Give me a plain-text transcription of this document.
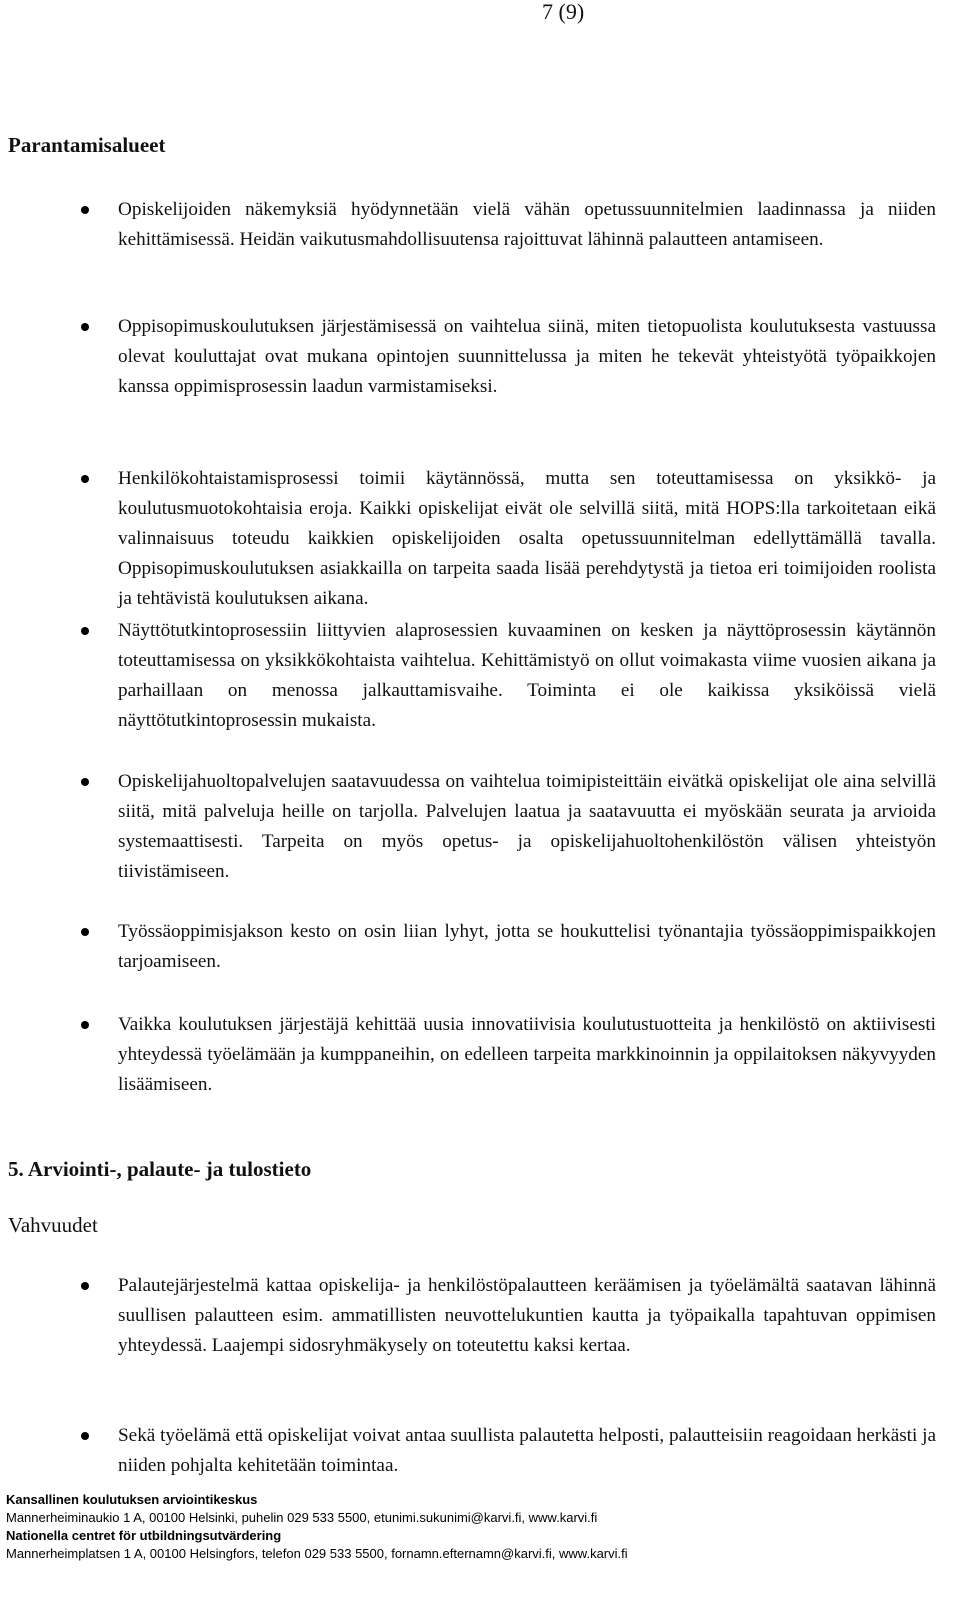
7 (9)
Parantamisalueet
Opiskelijoiden näkemyksiä hyödynnetään vielä vähän opetussuunnitelmien laadinnassa ja niiden kehittämisessä. Heidän vaikutusmahdollisuutensa rajoittuvat lähinnä palautteen antamiseen.
Oppisopimuskoulutuksen järjestämisessä on vaihtelua siinä, miten tietopuolista koulutuksesta vastuussa olevat kouluttajat ovat mukana opintojen suunnittelussa ja miten he tekevät yhteistyötä työpaikkojen kanssa oppimisprosessin laadun varmistamiseksi.
Henkilökohtaistamisprosessi toimii käytännössä, mutta sen toteuttamisessa on yksikkö- ja koulutusmuotokohtaisia eroja. Kaikki opiskelijat eivät ole selvillä siitä, mitä HOPS:lla tarkoitetaan eikä valinnaisuus toteudu kaikkien opiskelijoiden osalta opetussuunnitelman edellyttämällä tavalla. Oppisopimuskoulutuksen asiakkailla on tarpeita saada lisää perehdytystä ja tietoa eri toimijoiden roolista ja tehtävistä koulutuksen aikana.
Näyttötutkintoprosessiin liittyvien alaprosessien kuvaaminen on kesken ja näyttöprosessin käytännön toteuttamisessa on yksikkökohtaista vaihtelua. Kehittämistyö on ollut voimakasta viime vuosien aikana ja parhaillaan on menossa jalkauttamisvaihe. Toiminta ei ole kaikissa yksiköissä vielä näyttötutkintoprosessin mukaista.
Opiskelijahuoltopalvelujen saatavuudessa on vaihtelua toimipisteittäin eivätkä opiskelijat ole aina selvillä siitä, mitä palveluja heille on tarjolla. Palvelujen laatua ja saatavuutta ei myöskään seurata ja arvioida systemaattisesti. Tarpeita on myös opetus- ja opiskelijahuoltohenkilöstön välisen yhteistyön tiivistämiseen.
Työssäoppimisjakson kesto on osin liian lyhyt, jotta se houkuttelisi työnantajia työssäoppimispaikkojen tarjoamiseen.
Vaikka koulutuksen järjestäjä kehittää uusia innovatiivisia koulutustuotteita ja henkilöstö on aktiivisesti yhteydessä työelämään ja kumppaneihin, on edelleen tarpeita markkinoinnin ja oppilaitoksen näkyvyyden lisäämiseen.
5. Arviointi-, palaute- ja tulostieto
Vahvuudet
Palautejärjestelmä kattaa opiskelija- ja henkilöstöpalautteen keräämisen ja työelämältä saatavan lähinnä suullisen palautteen esim. ammatillisten neuvottelukuntien kautta ja työpaikalla tapahtuvan oppimisen yhteydessä. Laajempi sidosryhmäkysely on toteutettu kaksi kertaa.
Sekä työelämä että opiskelijat voivat antaa suullista palautetta helposti, palautteisiin reagoidaan herkästi ja niiden pohjalta kehitetään toimintaa.
Kansallinen koulutuksen arviointikeskus
Mannerheiminaukio 1 A, 00100 Helsinki, puhelin 029 533 5500, etunimi.sukunimi@karvi.fi, www.karvi.fi
Nationella centret för utbildningsutvärdering
Mannerheimplatsen 1 A, 00100 Helsingfors, telefon 029 533 5500, fornamn.efternamn@karvi.fi, www.karvi.fi
